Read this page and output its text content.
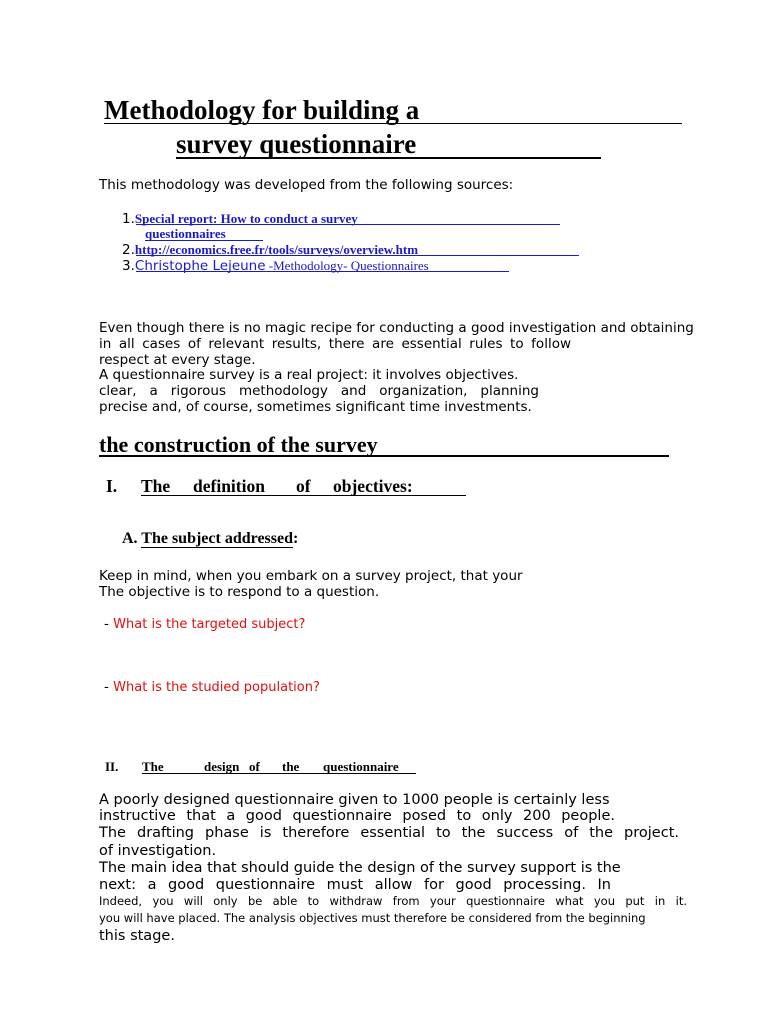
Methodology for building a
survey questionnaire
This methodology was developed from the following sources:
1.Special report: How to conduct a survey
questionnaires
2.http://economics.free.fr/tools/surveys/overview.htm
3.Christophe Lejeune -Methodology- Questionnaires
Even though there is no magic recipe for conducting a good investigation and obtaining
in all cases of relevant results, there are essential rules to follow
respect at every stage.
A questionnaire survey is a real project: it involves objectives.
clear, a rigorous methodology and organization, planning
precise and, of course, sometimes significant time investments.
the construction of the survey
I. The definition of objectives:
A. The subject addressed:
Keep in mind, when you embark on a survey project, that your
The objective is to respond to a question.
- What is the targeted subject?
- What is the studied population?
II. The	design of the questionnaire
A poorly designed questionnaire given to 1000 people is certainly less
instructive that a good questionnaire posed to only 200 people.
The drafting phase is therefore essential to the success of the project.
of investigation.
The main idea that should guide the design of the survey support is the
next: a good questionnaire must allow for good processing. In
Indeed, you will only be able to withdraw from your questionnaire what you put in it.
you will have placed. The analysis objectives must therefore be considered from the beginning
this stage.
